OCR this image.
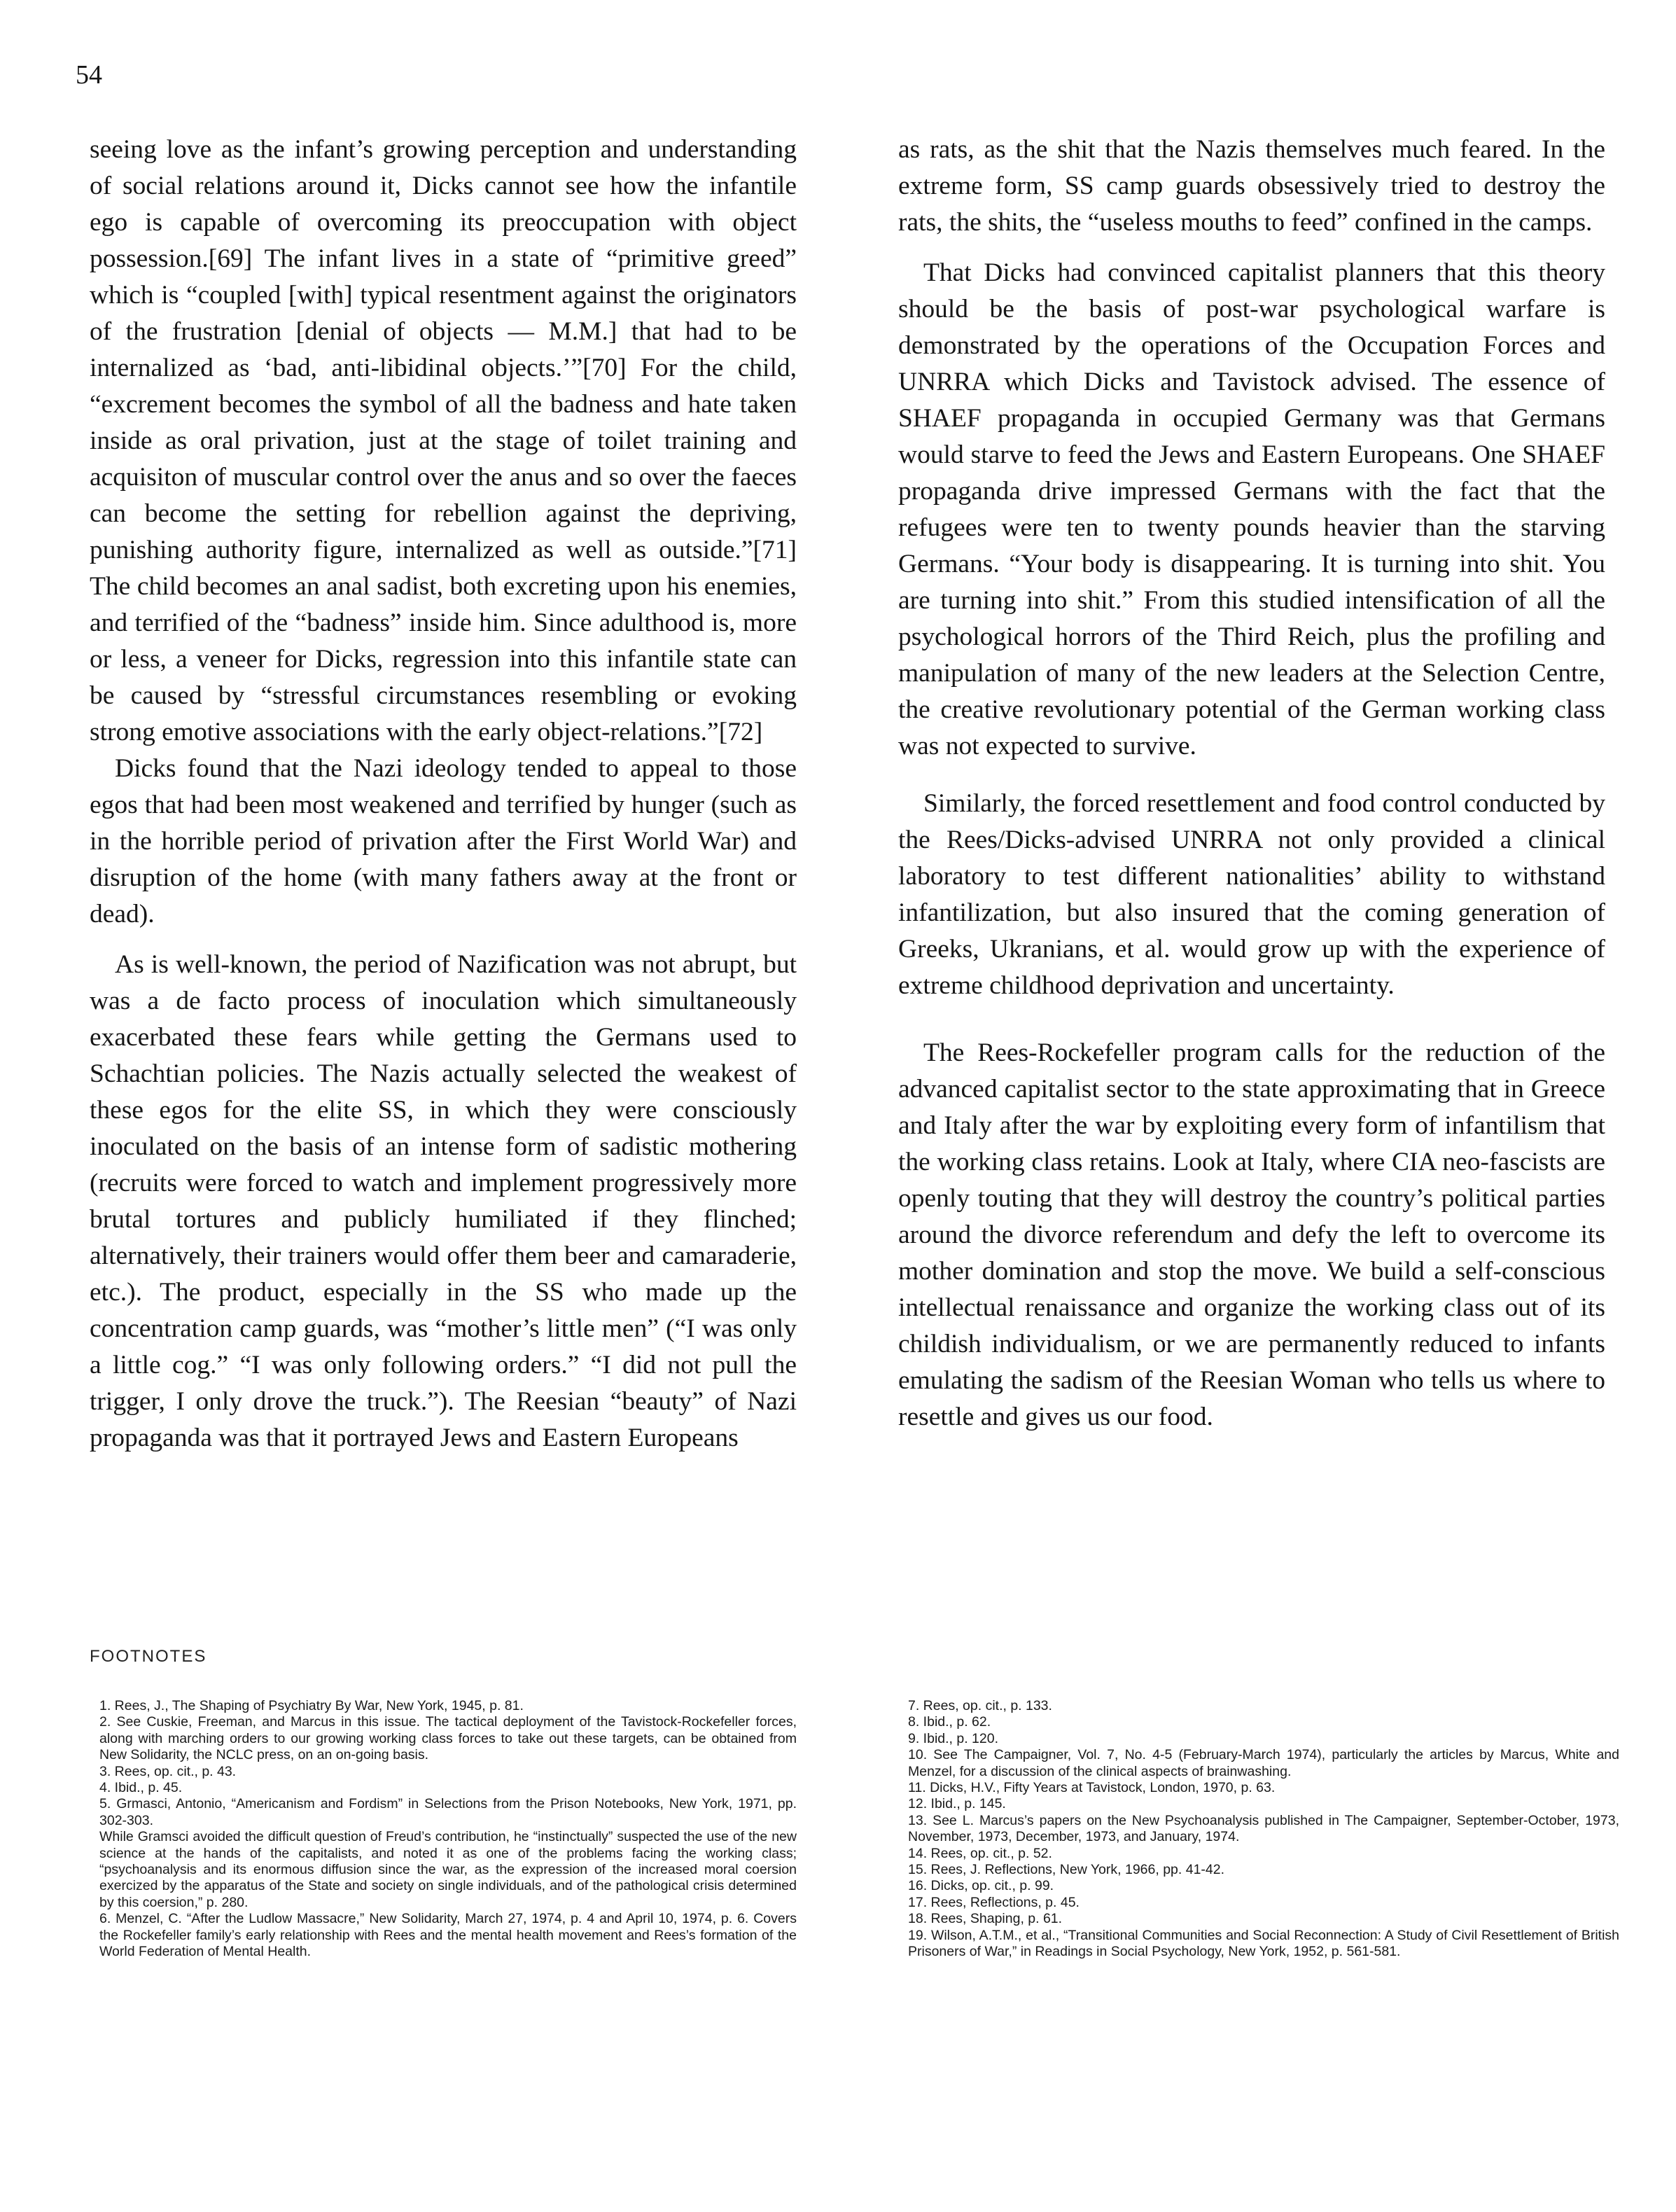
54

seeing love as the infant’s growing perception and understanding of social relations around it, Dicks cannot see how the infantile ego is capable of overcoming its preoccupation with object possession.[69] The infant lives in a state of “primitive greed” which is “coupled [with] typical resentment against the originators of the frustration [denial of objects — M.M.] that had to be internalized as ‘bad, anti-libidinal objects.’”[70] For the child, “excrement becomes the symbol of all the badness and hate taken inside as oral privation, just at the stage of toilet training and acquisiton of muscular control over the anus and so over the faeces can become the setting for rebellion against the depriving, punishing authority figure, internalized as well as outside.”[71] The child becomes an anal sadist, both excreting upon his enemies, and terrified of the “badness” inside him. Since adulthood is, more or less, a veneer for Dicks, regression into this infantile state can be caused by “stressful circumstances resembling or evoking strong emotive associations with the early object-relations.”[72]

Dicks found that the Nazi ideology tended to appeal to those egos that had been most weakened and terrified by hunger (such as in the horrible period of privation after the First World War) and disruption of the home (with many fathers away at the front or dead).

As is well-known, the period of Nazification was not abrupt, but was a de facto process of inoculation which simultaneously exacerbated these fears while getting the Germans used to Schachtian policies. The Nazis actually selected the weakest of these egos for the elite SS, in which they were consciously inoculated on the basis of an intense form of sadistic mothering (recruits were forced to watch and implement progressively more brutal tortures and publicly humiliated if they flinched; alternatively, their trainers would offer them beer and camaraderie, etc.). The product, especially in the SS who made up the concentration camp guards, was “mother’s little men” (“I was only a little cog.” “I was only following orders.” “I did not pull the trigger, I only drove the truck.”). The Reesian “beauty” of Nazi propaganda was that it portrayed Jews and Eastern Europeans

as rats, as the shit that the Nazis themselves much feared. In the extreme form, SS camp guards obsessively tried to destroy the rats, the shits, the “useless mouths to feed” confined in the camps.

That Dicks had convinced capitalist planners that this theory should be the basis of post-war psychological warfare is demonstrated by the operations of the Occupation Forces and UNRRA which Dicks and Tavistock advised. The essence of SHAEF propaganda in occupied Germany was that Germans would starve to feed the Jews and Eastern Europeans. One SHAEF propaganda drive impressed Germans with the fact that the refugees were ten to twenty pounds heavier than the starving Germans. “Your body is disappearing. It is turning into shit. You are turning into shit.” From this studied intensification of all the psychological horrors of the Third Reich, plus the profiling and manipulation of many of the new leaders at the Selection Centre, the creative revolutionary potential of the German working class was not expected to survive.

Similarly, the forced resettlement and food control conducted by the Rees/Dicks-advised UNRRA not only provided a clinical laboratory to test different nationalities’ ability to withstand infantilization, but also insured that the coming generation of Greeks, Ukranians, et al. would grow up with the experience of extreme childhood deprivation and uncertainty.

The Rees-Rockefeller program calls for the reduction of the advanced capitalist sector to the state approximating that in Greece and Italy after the war by exploiting every form of infantilism that the working class retains. Look at Italy, where CIA neo-fascists are openly touting that they will destroy the country’s political parties around the divorce referendum and defy the left to overcome its mother domination and stop the move. We build a self-conscious intellectual renaissance and organize the working class out of its childish individualism, or we are permanently reduced to infants emulating the sadism of the Reesian Woman who tells us where to resettle and gives us our food.

FOOTNOTES

1. Rees, J., The Shaping of Psychiatry By War, New York, 1945, p. 81.

2. See Cuskie, Freeman, and Marcus in this issue. The tactical deployment of the Tavistock-Rockefeller forces, along with marching orders to our growing working class forces to take out these targets, can be obtained from New Solidarity, the NCLC press, on an on-going basis.

3. Rees, op. cit., p. 43.

4. Ibid., p. 45.

5. Grmasci, Antonio, “Americanism and Fordism” in Selections from the Prison Notebooks, New York, 1971, pp. 302-303.

While Gramsci avoided the difficult question of Freud’s contribution, he “instinctually” suspected the use of the new science at the hands of the capitalists, and noted it as one of the problems facing the working class; “psychoanalysis and its enormous diffusion since the war, as the expression of the increased moral coersion exercized by the apparatus of the State and society on single individuals, and of the pathological crisis determined by this coersion,” p. 280.

6. Menzel, C. “After the Ludlow Massacre,” New Solidarity, March 27, 1974, p. 4 and April 10, 1974, p. 6. Covers the Rockefeller family’s early relationship with Rees and the mental health movement and Rees’s formation of the World Federation of Mental Health.

7. Rees, op. cit., p. 133.

8. Ibid., p. 62.

9. Ibid., p. 120.

10. See The Campaigner, Vol. 7, No. 4-5 (February-March 1974), particularly the articles by Marcus, White and Menzel, for a discussion of the clinical aspects of brainwashing.

11. Dicks, H.V., Fifty Years at Tavistock, London, 1970, p. 63.

12. Ibid., p. 145.

13. See L. Marcus’s papers on the New Psychoanalysis published in The Campaigner, September-October, 1973, November, 1973, December, 1973, and January, 1974.

14. Rees, op. cit., p. 52.

15. Rees, J. Reflections, New York, 1966, pp. 41-42.

16. Dicks, op. cit., p. 99.

17. Rees, Reflections, p. 45.

18. Rees, Shaping, p. 61.

19. Wilson, A.T.M., et al., “Transitional Communities and Social Reconnection: A Study of Civil Resettlement of British Prisoners of War,” in Readings in Social Psychology, New York, 1952, p. 561-581.
